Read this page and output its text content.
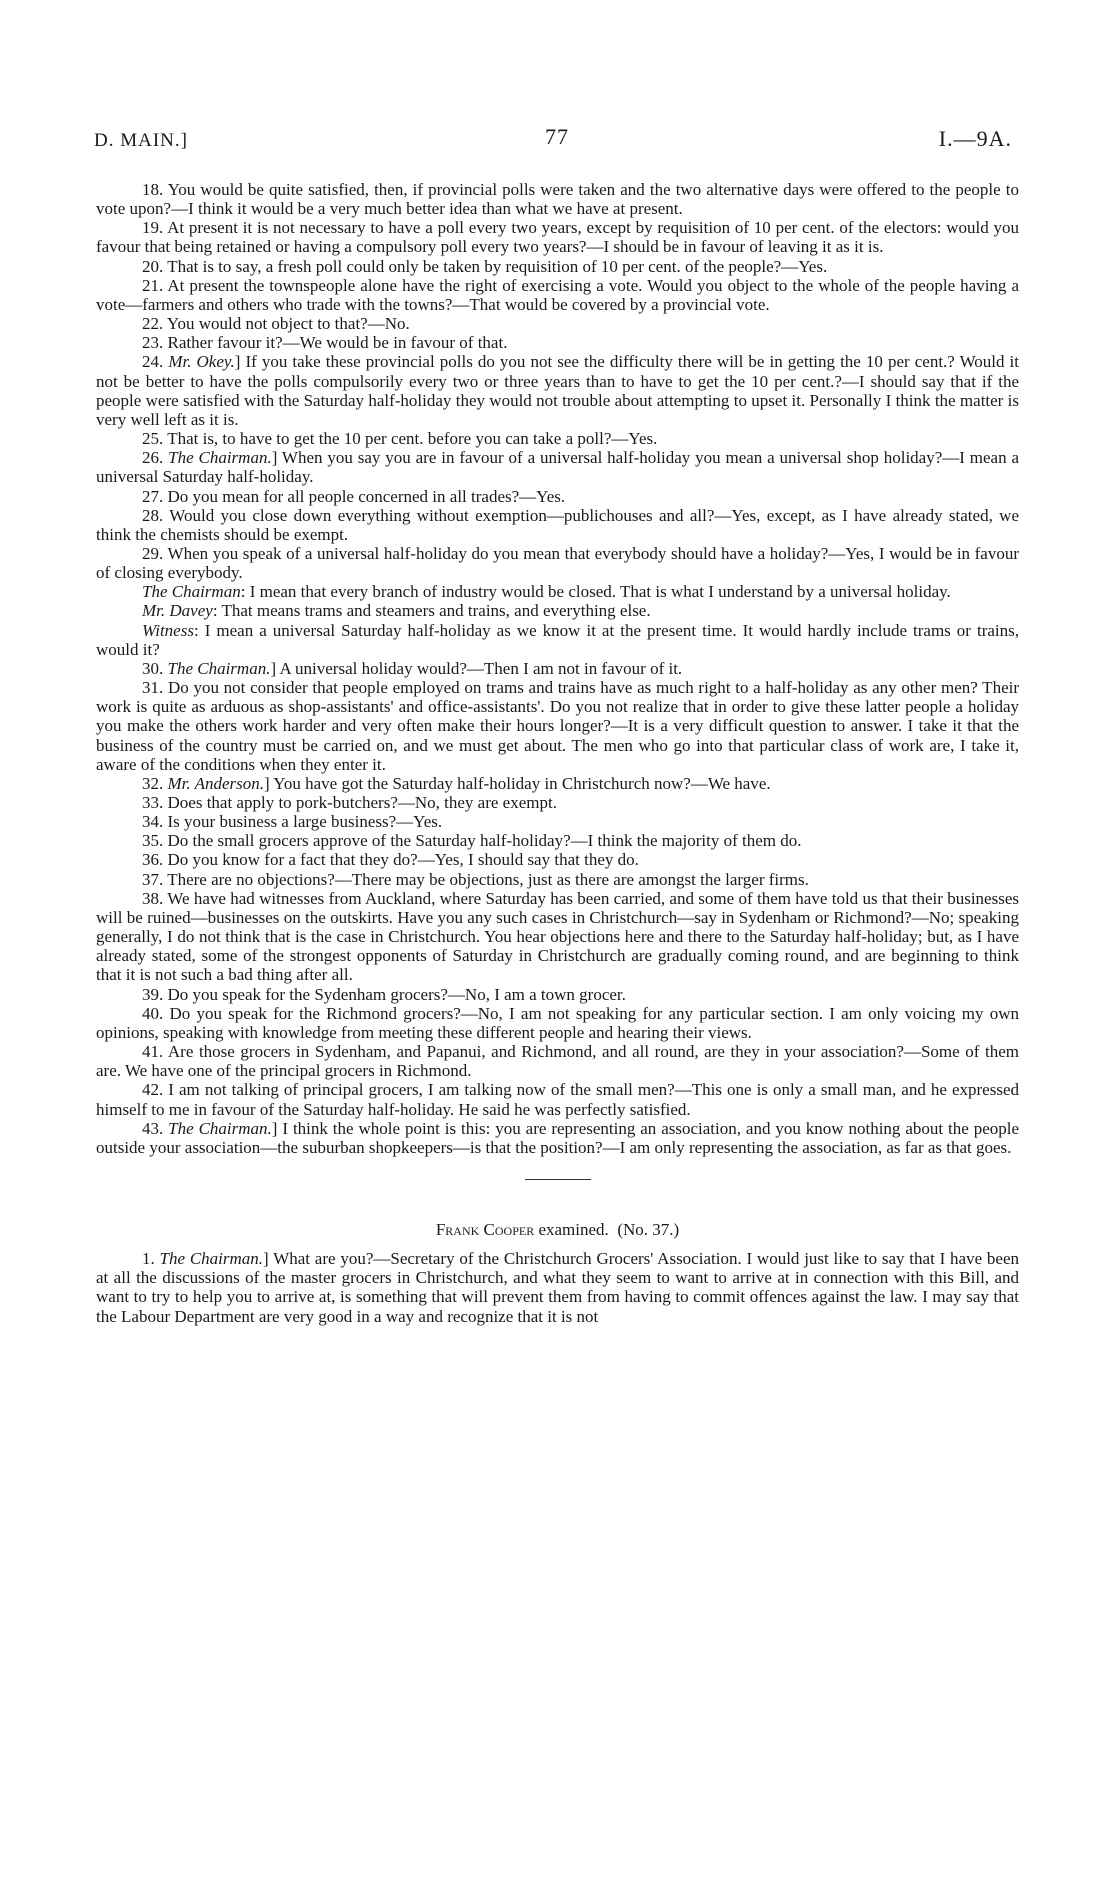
D. MAIN.]	77	I.—9A.

18. You would be quite satisfied, then, if provincial polls were taken and the two alternative days were offered to the people to vote upon?—I think it would be a very much better idea than what we have at present.

19. At present it is not necessary to have a poll every two years, except by requisition of 10 per cent. of the electors: would you favour that being retained or having a compulsory poll every two years?—I should be in favour of leaving it as it is.

20. That is to say, a fresh poll could only be taken by requisition of 10 per cent. of the people?—Yes.

21. At present the townspeople alone have the right of exercising a vote. Would you object to the whole of the people having a vote—farmers and others who trade with the towns?—That would be covered by a provincial vote.

22. You would not object to that?—No.

23. Rather favour it?—We would be in favour of that.

24. Mr. Okey.] If you take these provincial polls do you not see the difficulty there will be in getting the 10 per cent.? Would it not be better to have the polls compulsorily every two or three years than to have to get the 10 per cent.?—I should say that if the people were satisfied with the Saturday half-holiday they would not trouble about attempting to upset it. Personally I think the matter is very well left as it is.

25. That is, to have to get the 10 per cent. before you can take a poll?—Yes.

26. The Chairman.] When you say you are in favour of a universal half-holiday you mean a universal shop holiday?—I mean a universal Saturday half-holiday.

27. Do you mean for all people concerned in all trades?—Yes.

28. Would you close down everything without exemption—publichouses and all?—Yes, except, as I have already stated, we think the chemists should be exempt.

29. When you speak of a universal half-holiday do you mean that everybody should have a holiday?—Yes, I would be in favour of closing everybody.

The Chairman: I mean that every branch of industry would be closed. That is what I understand by a universal holiday.

Mr. Davey: That means trams and steamers and trains, and everything else.

Witness: I mean a universal Saturday half-holiday as we know it at the present time. It would hardly include trams or trains, would it?

30. The Chairman.] A universal holiday would?—Then I am not in favour of it.

31. Do you not consider that people employed on trams and trains have as much right to a half-holiday as any other men? Their work is quite as arduous as shop-assistants' and office-assistants'. Do you not realize that in order to give these latter people a holiday you make the others work harder and very often make their hours longer?—It is a very difficult question to answer. I take it that the business of the country must be carried on, and we must get about. The men who go into that particular class of work are, I take it, aware of the conditions when they enter it.

32. Mr. Anderson.] You have got the Saturday half-holiday in Christchurch now?—We have.

33. Does that apply to pork-butchers?—No, they are exempt.

34. Is your business a large business?—Yes.

35. Do the small grocers approve of the Saturday half-holiday?—I think the majority of them do.

36. Do you know for a fact that they do?—Yes, I should say that they do.

37. There are no objections?—There may be objections, just as there are amongst the larger firms.

38. We have had witnesses from Auckland, where Saturday has been carried, and some of them have told us that their businesses will be ruined—businesses on the outskirts. Have you any such cases in Christchurch—say in Sydenham or Richmond?—No; speaking generally, I do not think that is the case in Christchurch. You hear objections here and there to the Saturday half-holiday; but, as I have already stated, some of the strongest opponents of Saturday in Christchurch are gradually coming round, and are beginning to think that it is not such a bad thing after all.

39. Do you speak for the Sydenham grocers?—No, I am a town grocer.

40. Do you speak for the Richmond grocers?—No, I am not speaking for any particular section. I am only voicing my own opinions, speaking with knowledge from meeting these different people and hearing their views.

41. Are those grocers in Sydenham, and Papanui, and Richmond, and all round, are they in your association?—Some of them are. We have one of the principal grocers in Richmond.

42. I am not talking of principal grocers, I am talking now of the small men?—This one is only a small man, and he expressed himself to me in favour of the Saturday half-holiday. He said he was perfectly satisfied.

43. The Chairman.] I think the whole point is this: you are representing an association, and you know nothing about the people outside your association—the suburban shopkeepers—is that the position?—I am only representing the association, as far as that goes.

Frank Cooper examined. (No. 37.)

1. The Chairman.] What are you?—Secretary of the Christchurch Grocers' Association. I would just like to say that I have been at all the discussions of the master grocers in Christchurch, and what they seem to want to arrive at in connection with this Bill, and want to try to help you to arrive at, is something that will prevent them from having to commit offences against the law. I may say that the Labour Department are very good in a way and recognize that it is not
